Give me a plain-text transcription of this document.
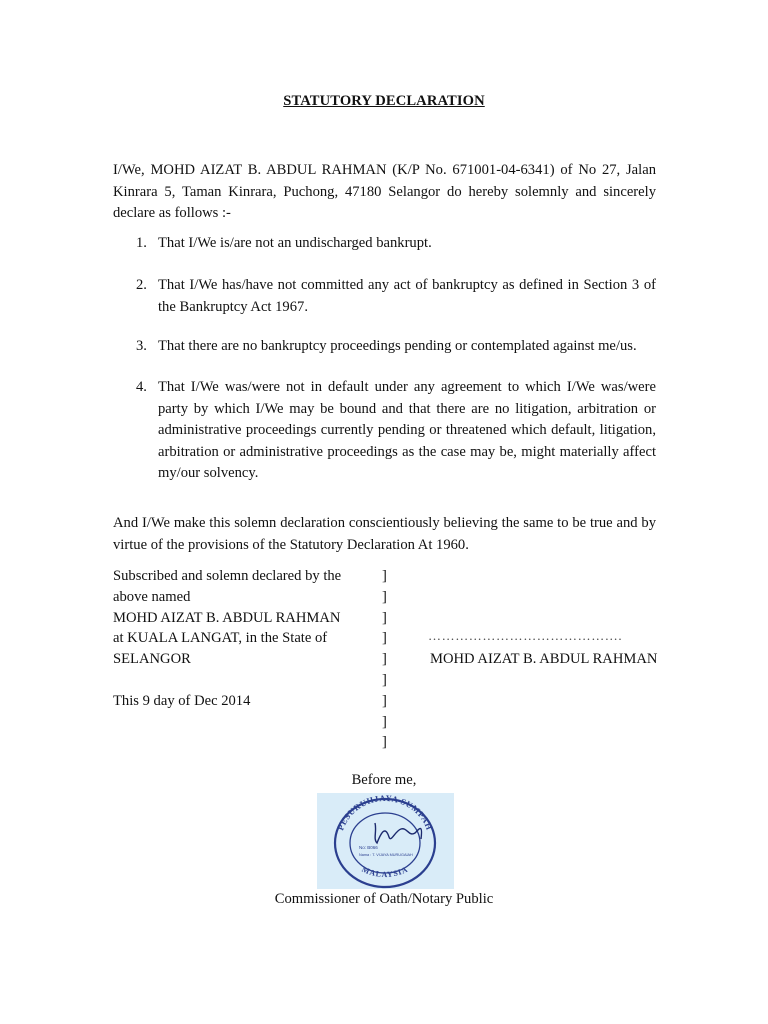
STATUTORY DECLARATION
I/We, MOHD AIZAT B. ABDUL RAHMAN (K/P No. 671001-04-6341) of No 27, Jalan Kinrara 5, Taman Kinrara, Puchong, 47180 Selangor do hereby solemnly and sincerely declare as follows :-
1. That I/We is/are not an undischarged bankrupt.
2. That I/We has/have not committed any act of bankruptcy as defined in Section 3 of the Bankruptcy Act 1967.
3. That there are no bankruptcy proceedings pending or contemplated against me/us.
4. That I/We was/were not in default under any agreement to which I/We was/were party by which I/We may be bound and that there are no litigation, arbitration or administrative proceedings currently pending or threatened which default, litigation, arbitration or administrative proceedings as the case may be, might materially affect my/our solvency.
And I/We make this solemn declaration conscientiously believing the same to be true and by virtue of the provisions of the Statutory Declaration At 1960.
Subscribed and solemn declared by the
above named
MOHD AIZAT B. ABDUL RAHMAN
at KUALA LANGAT, in the State of
SELANGOR
This 9 day of Dec 2014
]
]
]
]
]
]
]
]
]
…………………………………….
MOHD AIZAT B. ABDUL RAHMAN
Before me,
PESURUHJAYA SUMPAH
MALAYSIA
No: B066
Nama : T. VIJAYA MURUGAIAH
Commissioner of Oath/Notary Public
